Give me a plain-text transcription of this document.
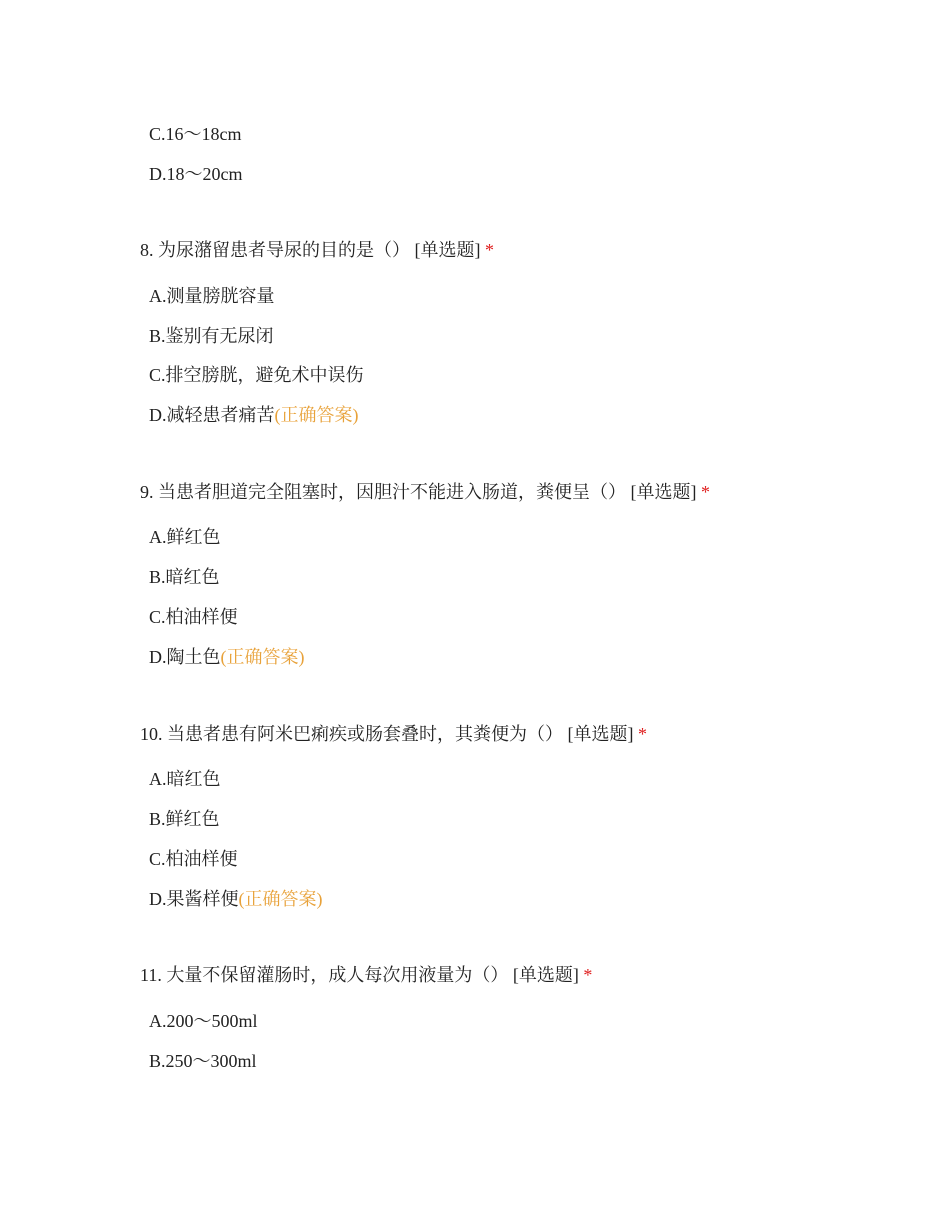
C.16～18cm
D.18～20cm
8. 为尿潴留患者导尿的目的是（） [单选题] *
A.测量膀胱容量
B.鉴别有无尿闭
C.排空膀胱，避免术中误伤
D.减轻患者痛苦(正确答案)
9. 当患者胆道完全阻塞时，因胆汁不能进入肠道，粪便呈（） [单选题] *
A.鲜红色
B.暗红色
C.柏油样便
D.陶土色(正确答案)
10. 当患者患有阿米巴痢疾或肠套叠时，其粪便为（） [单选题] *
A.暗红色
B.鲜红色
C.柏油样便
D.果酱样便(正确答案)
11. 大量不保留灌肠时，成人每次用液量为（） [单选题] *
A.200～500ml
B.250～300ml
